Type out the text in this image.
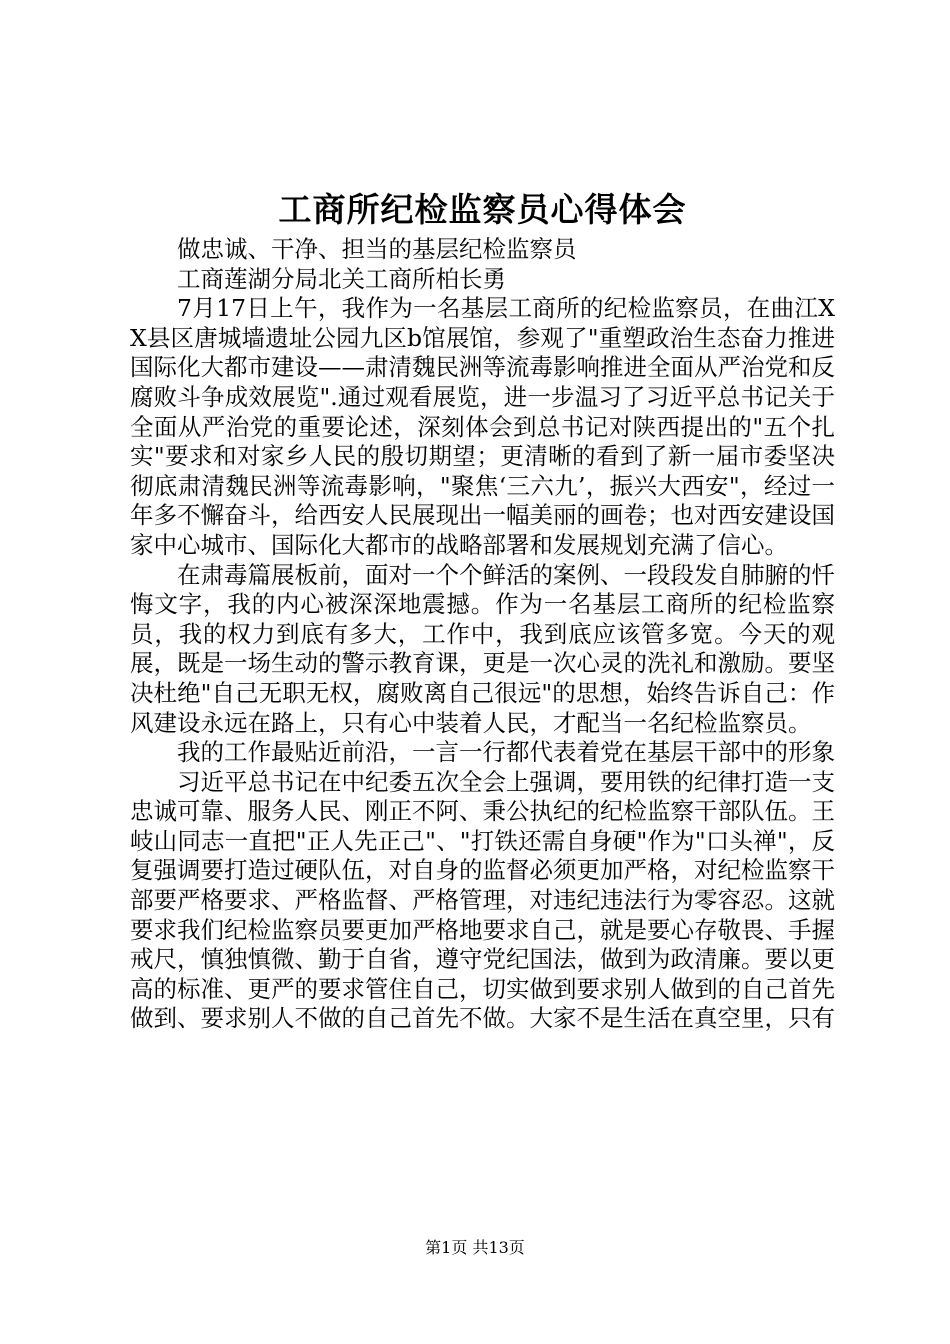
工商所纪检监察员心得体会

做忠诚、干净、担当的基层纪检监察员

工商莲湖分局北关工商所柏长勇

7月17日上午，我作为一名基层工商所的纪检监察员，在曲江XX县区唐城墙遗址公园九区b馆展馆，参观了"重塑政治生态奋力推进国际化大都市建设——肃清魏民洲等流毒影响推进全面从严治党和反腐败斗争成效展览".通过观看展览，进一步温习了习近平总书记关于全面从严治党的重要论述，深刻体会到总书记对陕西提出的"五个扎实"要求和对家乡人民的殷切期望；更清晰的看到了新一届市委坚决彻底肃清魏民洲等流毒影响，"聚焦‘三六九’，振兴大西安"，经过一年多不懈奋斗，给西安人民展现出一幅美丽的画卷；也对西安建设国家中心城市、国际化大都市的战略部署和发展规划充满了信心。

在肃毒篇展板前，面对一个个鲜活的案例、一段段发自肺腑的忏悔文字，我的内心被深深地震撼。作为一名基层工商所的纪检监察员，我的权力到底有多大，工作中，我到底应该管多宽。今天的观展，既是一场生动的警示教育课，更是一次心灵的洗礼和激励。要坚决杜绝"自己无职无权，腐败离自己很远"的思想，始终告诉自己：作风建设永远在路上，只有心中装着人民，才配当一名纪检监察员。

我的工作最贴近前沿，一言一行都代表着党在基层干部中的形象

习近平总书记在中纪委五次全会上强调，要用铁的纪律打造一支忠诚可靠、服务人民、刚正不阿、秉公执纪的纪检监察干部队伍。王岐山同志一直把"正人先正己"、"打铁还需自身硬"作为"口头禅"，反复强调要打造过硬队伍，对自身的监督必须更加严格，对纪检监察干部要严格要求、严格监督、严格管理，对违纪违法行为零容忍。这就要求我们纪检监察员要更加严格地要求自己，就是要心存敬畏、手握戒尺，慎独慎微、勤于自省，遵守党纪国法，做到为政清廉。要以更高的标准、更严的要求管住自己，切实做到要求别人做到的自己首先做到、要求别人不做的自己首先不做。大家不是生活在真空里，只有

第1页 共13页
